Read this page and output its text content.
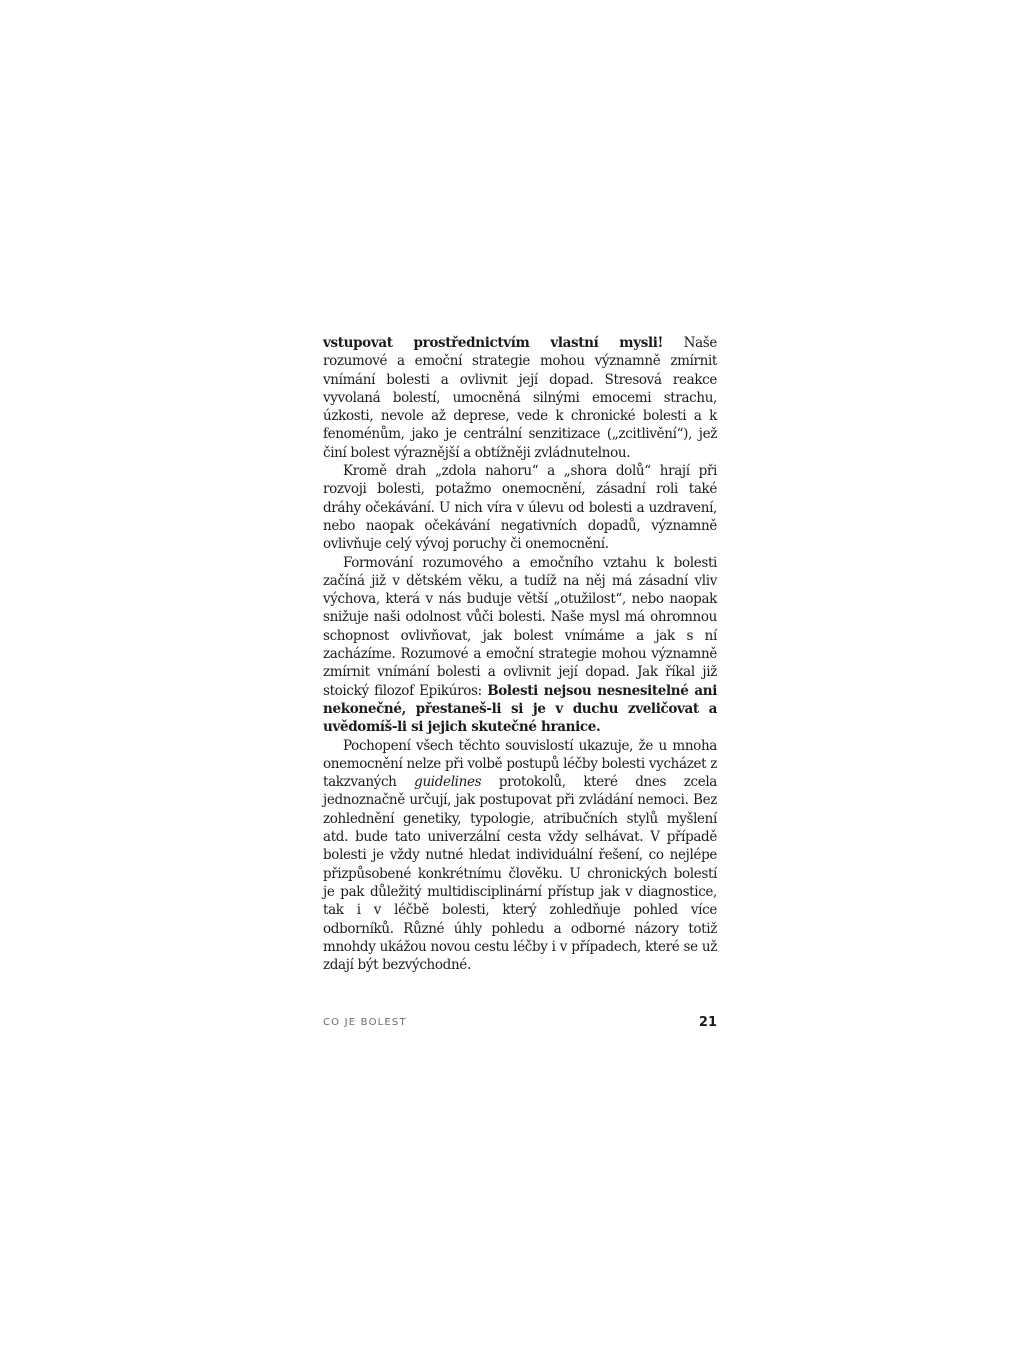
vstupovat prostřednictvím vlastní mysli! Naše rozumové a emoční strategie mohou významně zmírnit vnímání bolesti a ovlivnit její dopad. Stresová reakce vyvolaná bolestí, umocněná silnými emocemi strachu, úzkosti, nevole až deprese, vede k chronické bolesti a k fenoménům, jako je centrální senzitizace („zcitlivění“), jež činí bolest výraznější a obtížněji zvládnutelnou.

Kromě drah „zdola nahoru“ a „shora dolů“ hrají při rozvoji bolesti, potažmo onemocnění, zásadní roli také dráhy očekávání. U nich víra v úlevu od bolesti a uzdravení, nebo naopak očekávání negativních dopadů, významně ovlivňuje celý vývoj poruchy či onemocnění.

Formování rozumového a emočního vztahu k bolesti začíná již v dětském věku, a tudíž na něj má zásadní vliv výchova, která v nás buduje větší „otužilost“, nebo naopak snižuje naši odolnost vůči bolesti. Naše mysl má ohromnou schopnost ovlivňovat, jak bolest vnímáme a jak s ní zacházíme. Rozumové a emoční strategie mohou významně zmírnit vnímání bolesti a ovlivnit její dopad. Jak říkal již stoický filozof Epikúros: Bolesti nejsou nesnesitelné ani nekonečné, přestaneš-li si je v duchu zveličovat a uvědomíš-li si jejich skutečné hranice.

Pochopení všech těchto souvislostí ukazuje, že u mnoha onemocnění nelze při volbě postupů léčby bolesti vycházet z takzvaných guidelines protokolů, které dnes zcela jednoznačně určují, jak postupovat při zvládání nemoci. Bez zohlednění genetiky, typologie, atribučních stylů myšlení atd. bude tato univerzální cesta vždy selhávat. V případě bolesti je vždy nutné hledat individuální řešení, co nejlépe přizpůsobené konkrétnímu člověku. U chronických bolestí je pak důležitý multidisciplinární přístup jak v diagnostice, tak i v léčbě bolesti, který zohledňuje pohled více odborníků. Různé úhly pohledu a odborné názory totiž mnohdy ukážou novou cestu léčby i v případech, které se už zdají být bezvýchodné.

CO JE BOLEST	21
